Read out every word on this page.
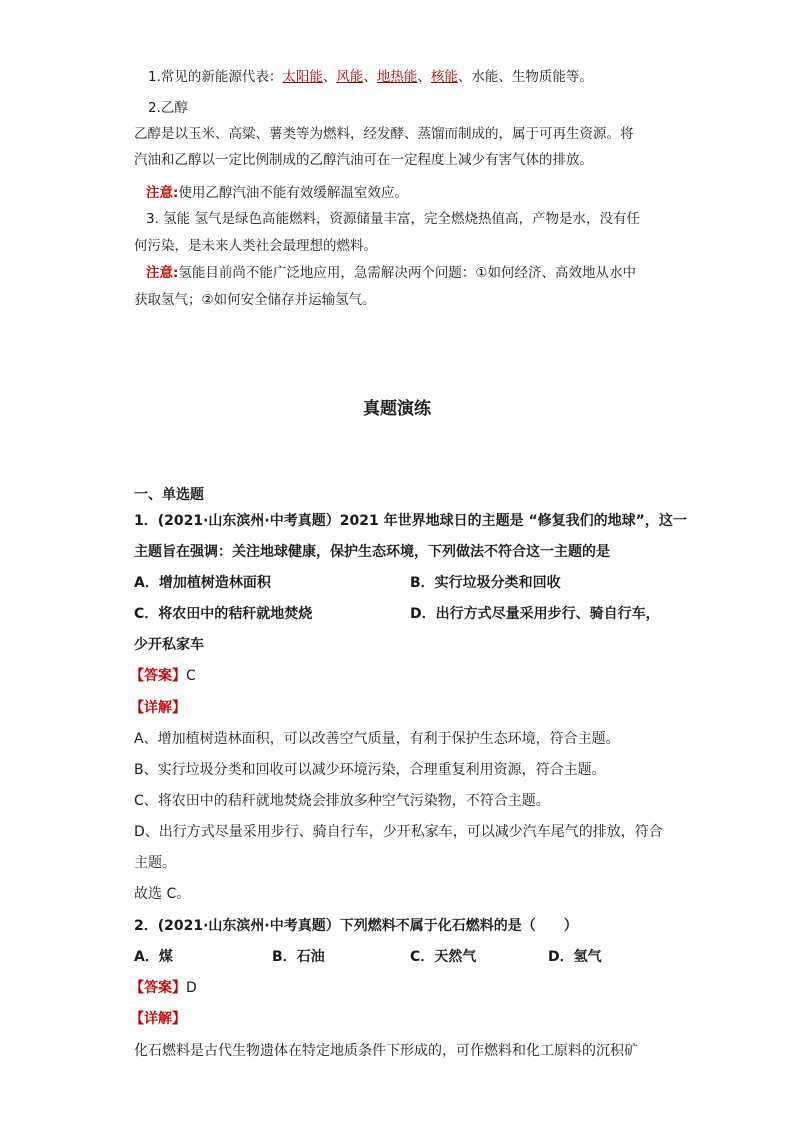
1.常见的新能源代表：太阳能、风能、地热能、核能、水能、生物质能等。
2.乙醇
乙醇是以玉米、高粱、薯类等为燃料，经发酵、蒸馏而制成的，属于可再生资源。将
汽油和乙醇以一定比例制成的乙醇汽油可在一定程度上减少有害气体的排放。
注意:使用乙醇汽油不能有效缓解温室效应。
3. 氢能 氢气是绿色高能燃料，资源储量丰富，完全燃烧热值高，产物是水，没有任
何污染，是未来人类社会最理想的燃料。
注意:氢能目前尚不能广泛地应用，急需解决两个问题：①如何经济、高效地从水中
获取氢气；②如何安全储存并运输氢气。
真题演练
一、单选题
1．(2021·山东滨州·中考真题）2021 年世界地球日的主题是 “修复我们的地球”，这一
主题旨在强调：关注地球健康，保护生态环境，下列做法不符合这一主题的是
A．增加植树造林面积	B．实行垃圾分类和回收
C．将农田中的秸秆就地焚烧	D．出行方式尽量采用步行、骑自行车，
少开私家车
【答案】C
【详解】
A、增加植树造林面积，可以改善空气质量，有利于保护生态环境，符合主题。
B、实行垃圾分类和回收可以减少环境污染，合理重复利用资源，符合主题。
C、将农田中的秸秆就地焚烧会排放多种空气污染物，不符合主题。
D、出行方式尽量采用步行、骑自行车，少开私家车，可以减少汽车尾气的排放，符合
主题。
故选 C。
2．(2021·山东滨州·中考真题）下列燃料不属于化石燃料的是（　　）
A．煤	B．石油	C．天然气	D．氢气
【答案】D
【详解】
化石燃料是古代生物遗体在特定地质条件下形成的，可作燃料和化工原料的沉积矿
